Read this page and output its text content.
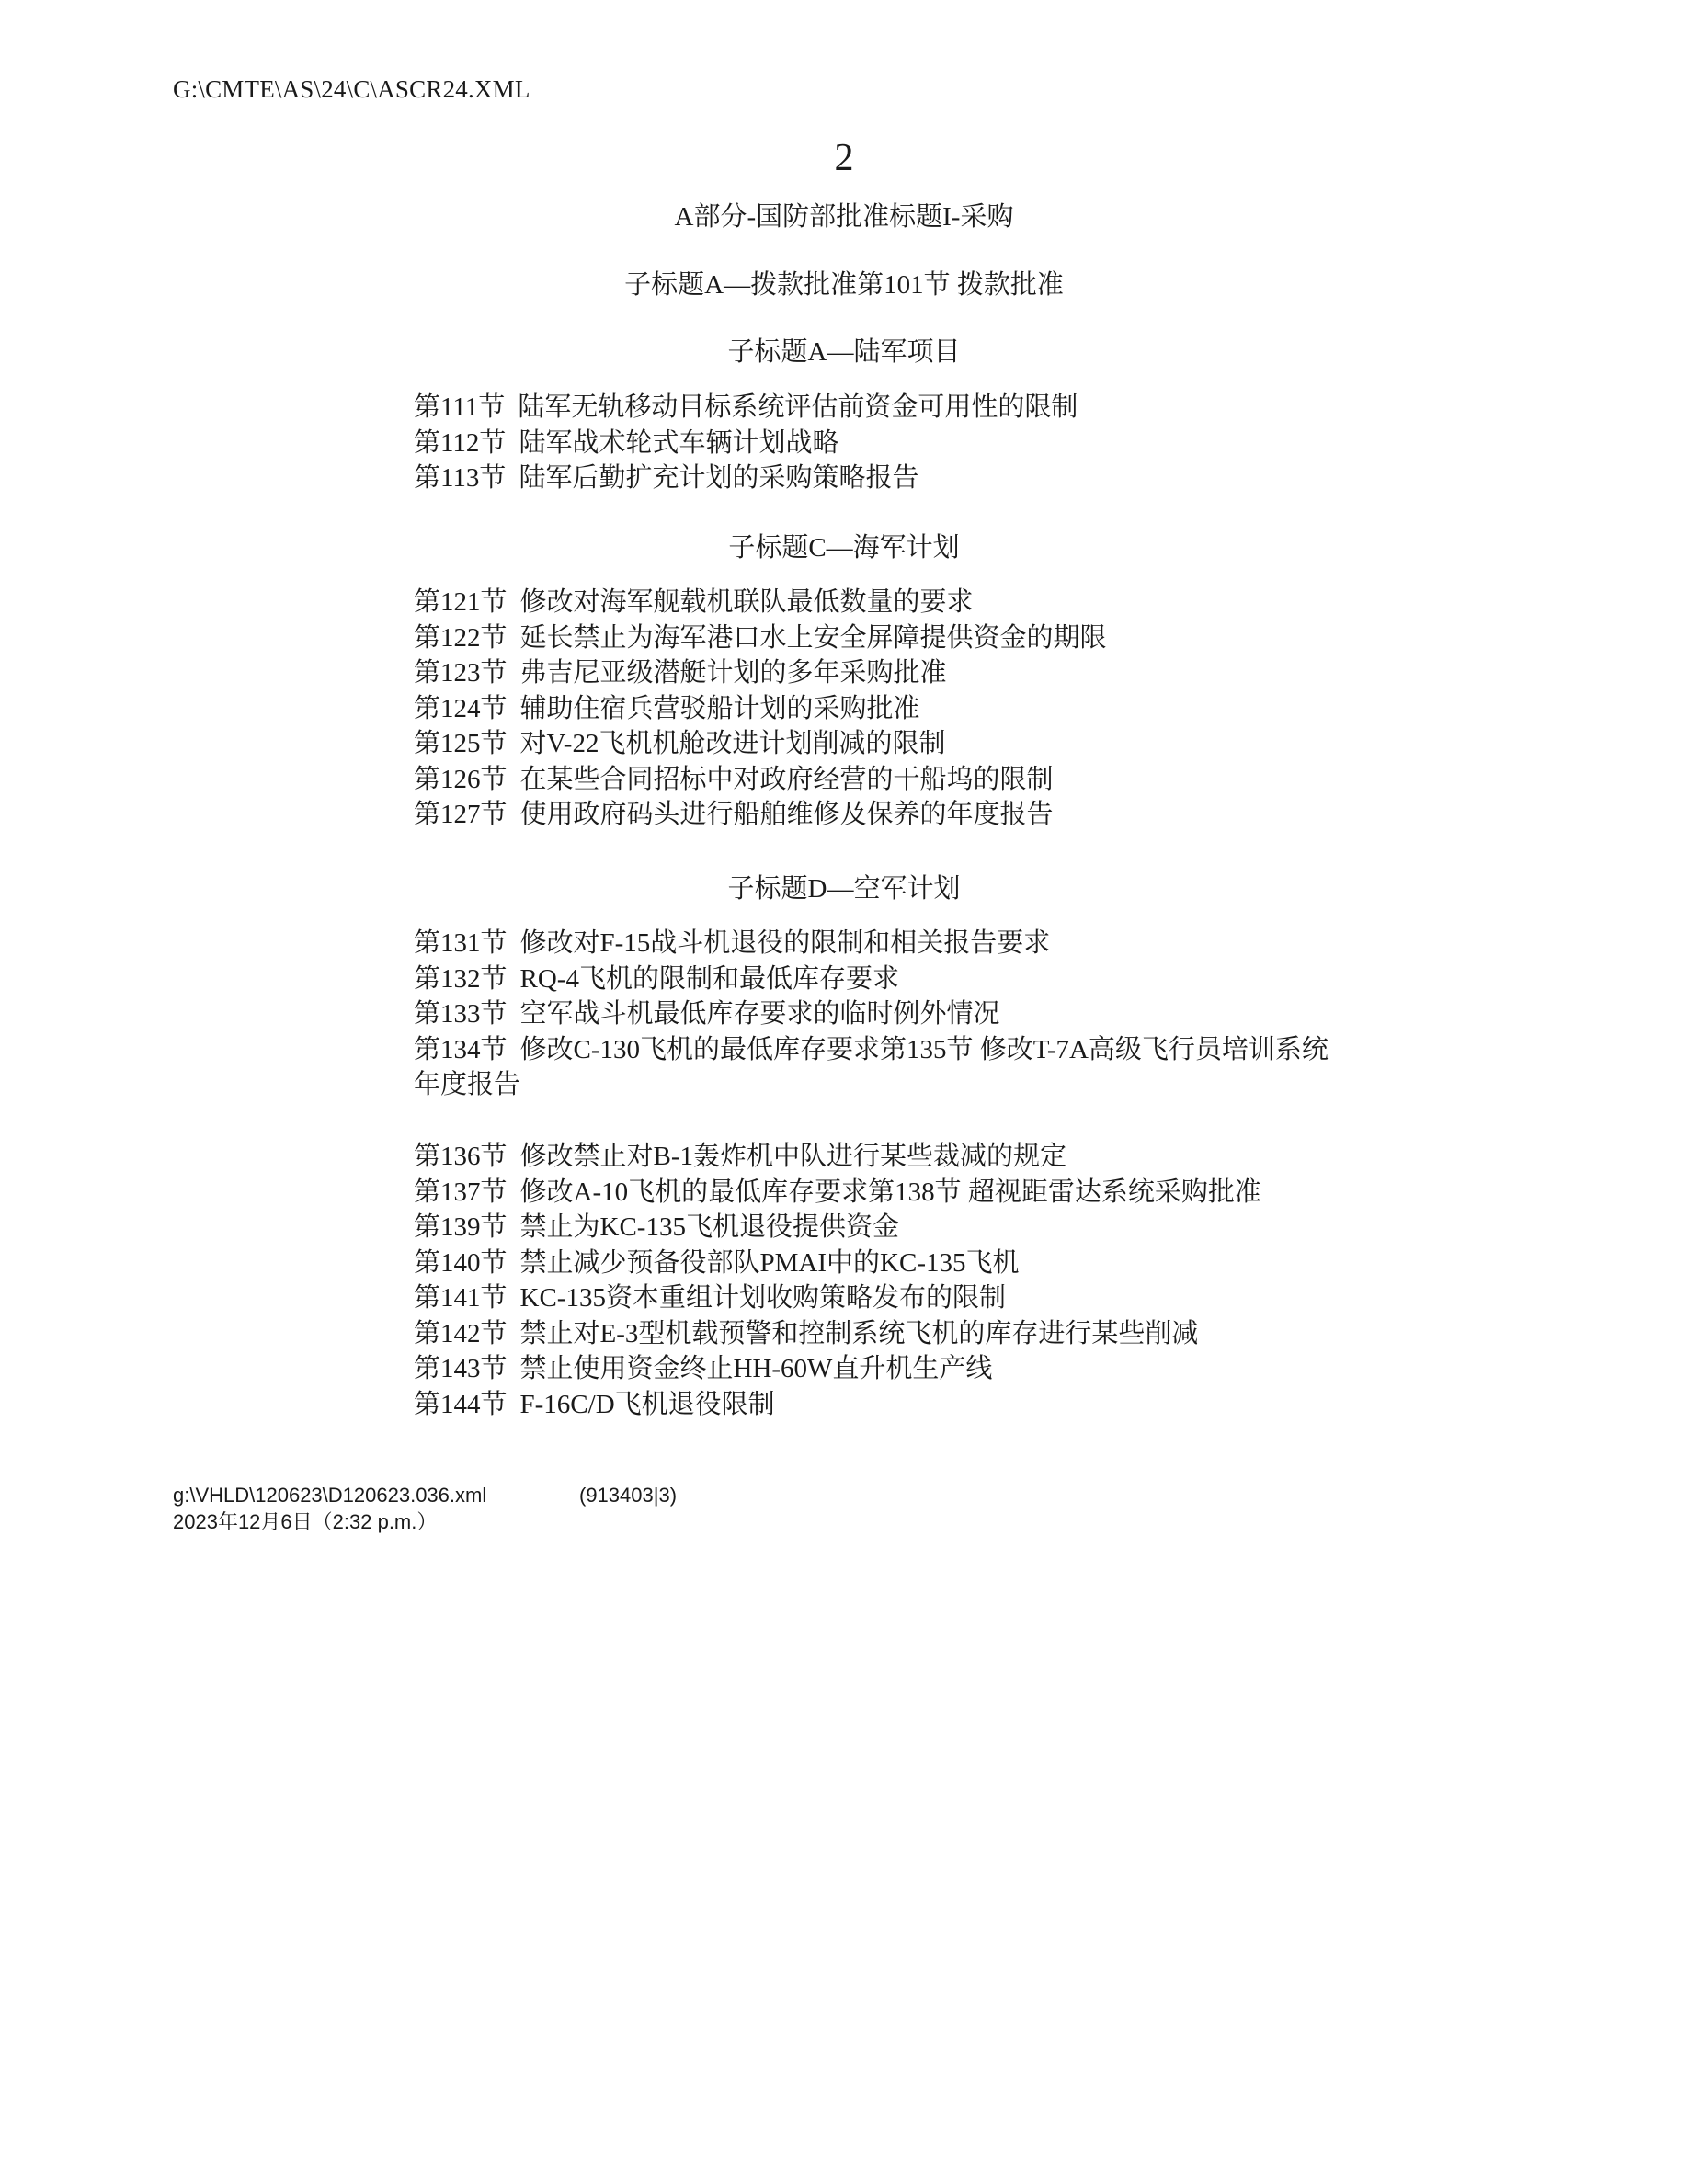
G:\CMTE\AS\24\C\ASCR24.XML
2
A部分-国防部批准标题I-采购
子标题A—拨款批准第101节 拨款批准
子标题A—陆军项目
第111节 陆军无轨移动目标系统评估前资金可用性的限制
第112节 陆军战术轮式车辆计划战略
第113节 陆军后勤扩充计划的采购策略报告
子标题C—海军计划
第121节 修改对海军舰载机联队最低数量的要求
第122节 延长禁止为海军港口水上安全屏障提供资金的期限
第123节 弗吉尼亚级潜艇计划的多年采购批准
第124节 辅助住宿兵营驳船计划的采购批准
第125节 对V-22飞机机舱改进计划削减的限制
第126节 在某些合同招标中对政府经营的干船坞的限制
第127节 使用政府码头进行船舶维修及保养的年度报告
子标题D—空军计划
第131节 修改对F-15战斗机退役的限制和相关报告要求
第132节 RQ-4飞机的限制和最低库存要求
第133节 空军战斗机最低库存要求的临时例外情况
第134节 修改C-130飞机的最低库存要求第135节 修改T-7A高级飞行员培训系统年度报告
第136节 修改禁止对B-1轰炸机中队进行某些裁减的规定
第137节 修改A-10飞机的最低库存要求第138节 超视距雷达系统采购批准
第139节 禁止为KC-135飞机退役提供资金
第140节 禁止减少预备役部队PMAI中的KC-135飞机
第141节 KC-135资本重组计划收购策略发布的限制
第142节 禁止对E-3型机载预警和控制系统飞机的库存进行某些削减
第143节 禁止使用资金终止HH-60W直升机生产线
第144节 F-16C/D飞机退役限制
g:\VHLD\120623\D120623.036.xml	(913403|3)
2023年12月6日（2:32 p.m.）
